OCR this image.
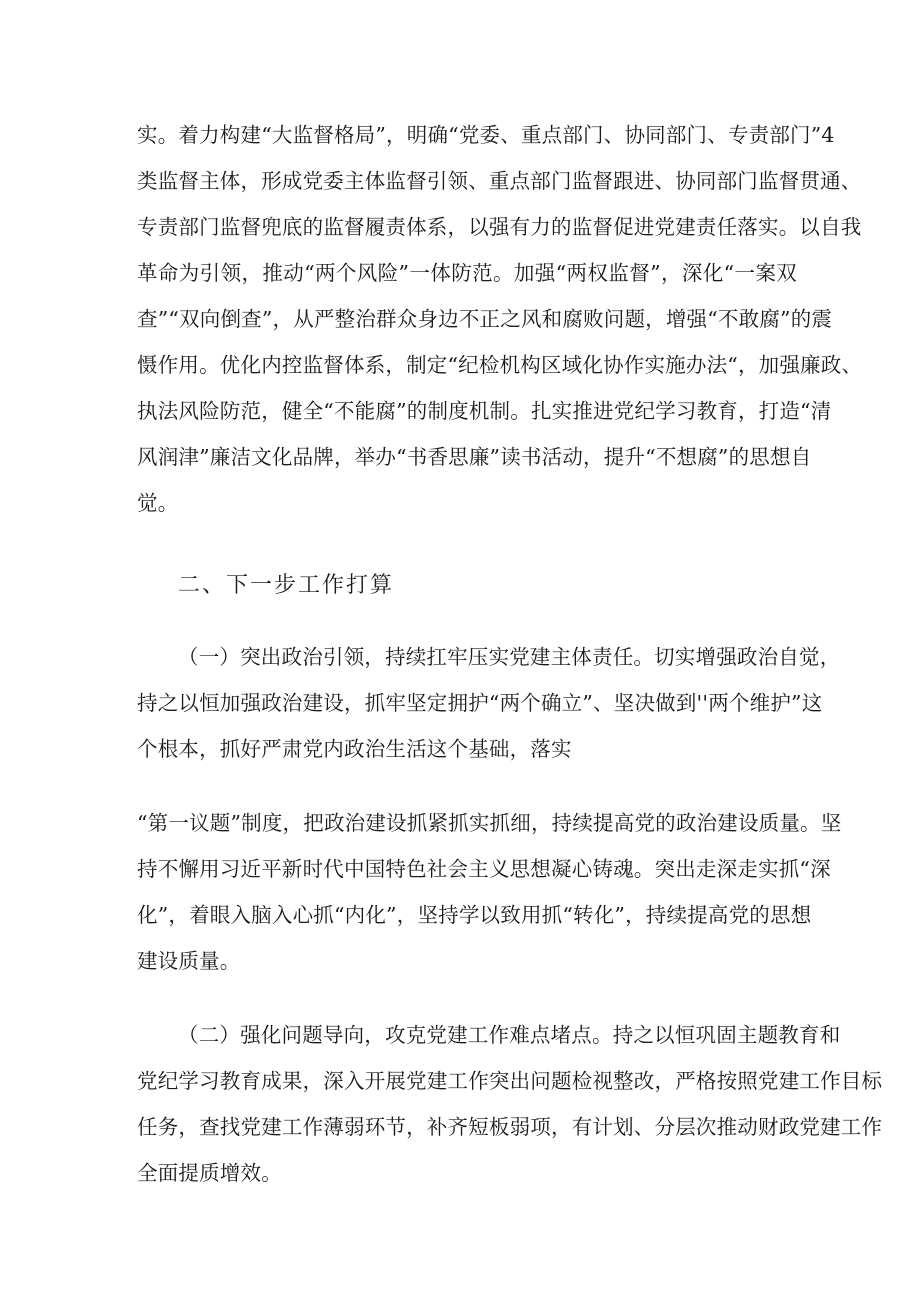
实。着力构建“大监督格局”，明确“党委、重点部门、协同部门、专责部门”4
类监督主体，形成党委主体监督引领、重点部门监督跟进、协同部门监督贯通、
专责部门监督兜底的监督履责体系，以强有力的监督促进党建责任落实。以自我
革命为引领，推动“两个风险”一体防范。加强“两权监督”，深化“一案双
查”“双向倒查”，从严整治群众身边不正之风和腐败问题，增强“不敢腐”的震
慑作用。优化内控监督体系，制定“纪检机构区域化协作实施办法“，加强廉政、
执法风险防范，健全“不能腐”的制度机制。扎实推进党纪学习教育，打造“清
风润津”廉洁文化品牌，举办“书香思廉”读书活动，提升“不想腐”的思想自
觉。
二、下一步工作打算
（一）突出政治引领，持续扛牢压实党建主体责任。切实增强政治自觉，
持之以恒加强政治建设，抓牢坚定拥护“两个确立”、坚决做到''两个维护”这
个根本，抓好严肃党内政治生活这个基础，落实
“第一议题”制度，把政治建设抓紧抓实抓细，持续提高党的政治建设质量。坚
持不懈用习近平新时代中国特色社会主义思想凝心铸魂。突出走深走实抓“深
化”，着眼入脑入心抓“内化”，坚持学以致用抓“转化”，持续提高党的思想
建设质量。
（二）强化问题导向，攻克党建工作难点堵点。持之以恒巩固主题教育和
党纪学习教育成果，深入开展党建工作突出问题检视整改，严格按照党建工作目标
任务，查找党建工作薄弱环节，补齐短板弱项，有计划、分层次推动财政党建工作
全面提质增效。
